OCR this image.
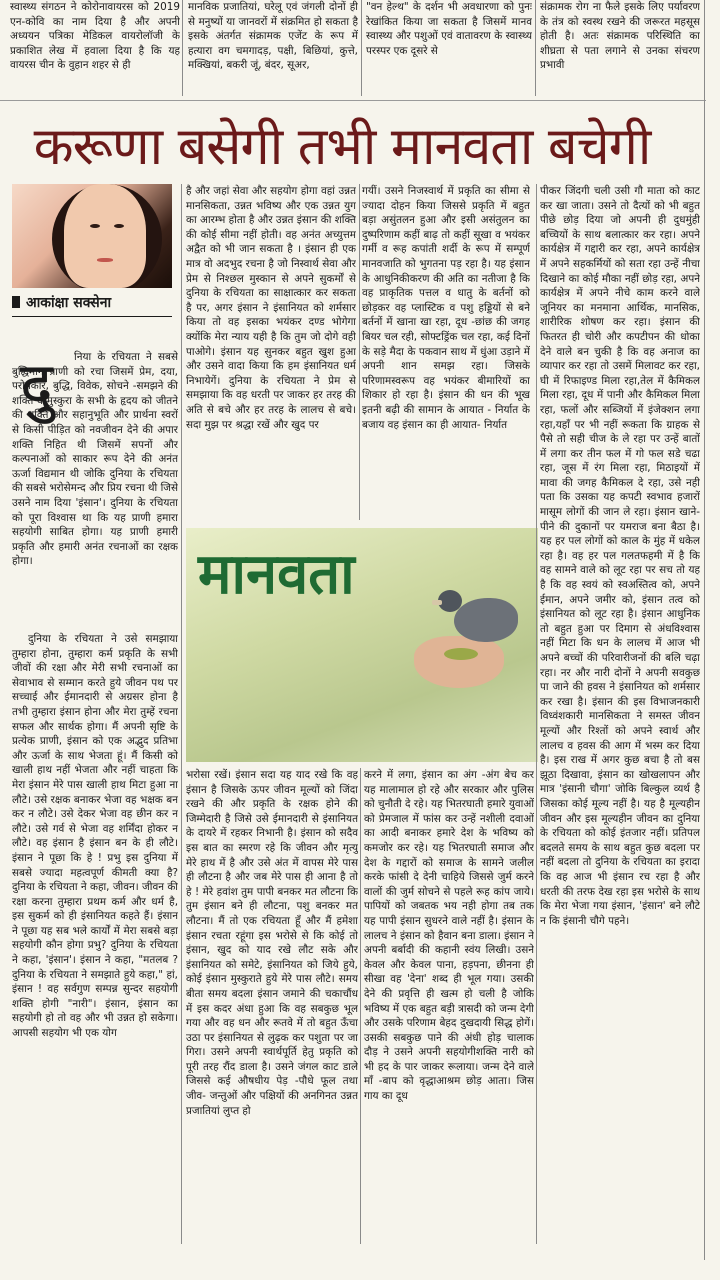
स्वास्थ्य संगठन ने कोरोनावायरस को 2019 एन-कोवि का नाम दिया है और अपनी अध्ययन पत्रिका मेडिकल वायरोलॉजी के प्रकाशित लेख में हवाला दिया है कि यह वायरस चीन के वुहान शहर से ही
मानविक प्रजातियां, घरेलू एवं जंगली दोनों ही से मनुष्यों या जानवरों में संक्रमित हो सकता है इसके अंतर्गत संक्रामक एजेंट के रूप में हत्यारा वग चमगादड़, पक्षी, बिछियां, कुत्ते, मक्खियां, बकरी जूं, बंदर, सूअर,
"वन हेल्थ" के दर्शन भी अवधारणा को पुनः रेखांकित किया जा सकता है जिसमें मानव स्वास्थ्य और पशुओं एवं वातावरण के स्वास्थ्य परस्पर एक दूसरे से
संक्रामक रोग ना फैले इसके लिए पर्यावरण के तंत्र को स्वस्थ रखने की जरूरत महसूस होती है। अतः संक्रामक परिस्थिति का शीघ्रता से पता लगाने से उनका संचरण प्रभावी
करूणा बसेगी तभी मानवता बचेगी
आकांक्षा सक्सेना
दु	निया के रचियता ने सबसे बुद्धिमान प्राणी को रचा जिसमें प्रेम, दया, परोपकार, बुद्धि, विवेक, सोचने -समझने की शक्ति व मुस्कुरा के सभी के हृदय को जीतने की शक्ति और सहानुभूति और प्रार्थना स्वरों से किसी पीड़ित को नवजीवन देने की अपार शक्ति निहित थी जिसमें सपनों और कल्पनाओं को साकार रूप देने की अनंत ऊर्जा विद्यमान थी जोकि दुनिया के रचियता की सबसे भरोसेमन्द और प्रिय रचना थी जिसे उसने नाम दिया 'इंसान'। दुनिया के रचियता को पूरा विश्वास था कि यह प्राणी हमारा सहयोगी साबित होगा। यह प्राणी हमारी प्रकृति और हमारी अनंत रचनाओं का रक्षक होगा।
दुनिया के रचियता ने उसे समझाया तुम्हारा होना, तुम्हारा कर्म प्रकृति के सभी जीवों की रक्षा और मेरी सभी रचनाओं का सेवाभाव से सम्मान करते हुये जीवन पथ पर सच्चाई और ईमानदारी से अग्रसर होना है तभी तुम्हारा इंसान होना और मेरा तुम्हें रचना सफल और सार्थक होगा। मैं अपनी सृष्टि के प्रत्येक प्राणी, इंसान को एक अद्भुद प्रतिभा और ऊर्जा के साथ भेजता हूं। मैं किसी को खाली हाथ नहीं भेजता और नहीं चाहता कि मेरा इंसान मेरे पास खाली हाथ मिटा हुआ ना लौटे। उसे रक्षक बनाकर भेजा वह भक्षक बन कर न लौटे। उसे देकर भेजा वह छीन कर न लौटे। उसे गर्व से भेजा वह शर्मिंदा होकर न लौटे। वह इंसान है इंसान बन के ही लौटे। इंसान ने पूछा कि हे ! प्रभु इस दुनिया में सबसे ज्यादा महत्वपूर्ण कीमती क्या है? दुनिया के रचियता ने कहा, जीवन। जीवन की रक्षा करना तुम्हारा प्रथम कर्म और धर्म है, इस सुकर्म को ही इंसानियत कहते हैं। इंसान ने पूछा यह सब भले कार्यों में मेरा सबसे बड़ा सहयोगी कौन होगा प्रभु? दुनिया के रचियता ने कहा, 'इंसान'। इंसान ने कहा, "मतलब ? दुनिया के रचियता ने समझाते हुये कहा," हां, इंसान ! वह सर्वगुण सम्पन्न सुन्दर सहयोगी शक्ति होगी "नारी"। इंसान, इंसान का सहयोगी हो तो वह और भी उन्नत हो सकेगा। आपसी सहयोग भी एक योग
है और जहां सेवा और सहयोग होगा वहां उन्नत मानसिकता, उन्नत भविष्य और एक उन्नत युग का आरम्भ होता है और उन्नत इंसान की शक्ति की कोई सीमा नहीं होती। वह अनंत अच्युत्तम अद्वैत को भी जान सकता है । इंसान ही एक मात्र वो अदभुद रचना है जो निस्वार्थ सेवा और प्रेम से निश्छल मुस्कान से अपने सुकर्मों से दुनिया के रचियता का साक्षात्कार कर सकता है पर, अगर इंसान ने इंसानियत को शर्मसार किया तो वह इसका भयंकर दण्ड भोगेगा क्योंकि मेरा न्याय यही है कि तुम जो दोगे वही पाओगे। इंसान यह सुनकर बहुत खुश हुआ और उसने वादा किया कि हम इंसानियत धर्म निभायेगें। दुनिया के रचियता ने प्रेम से समझाया कि वह धरती पर जाकर हर तरह की अति से बचे और हर तरह के लालच से बचे। सदा मुझ पर श्रद्धा रखें और खुद पर
गयीं। उसने निजस्वार्थ में प्रकृति का सीमा से ज्यादा दोहन किया जिससे प्रकृति में बहुत बड़ा असुंतलन हुआ और इसी असंतुलन का दुष्परिणाम कहीं बाढ़ तो कहीं सूखा व भयंकर गर्मी व रूह कपांती शर्दी के रूप में सम्पूर्ण मानवजाति को भुगतना पड़ रहा है। यह इंसान के आधुनिकीकरण की अति का नतीजा है कि वह प्राकृतिक पत्तल व धातु के बर्तनों को छोड़कर वह प्लास्टिक व पशु हड्डियों से बने बर्तनों में खाना खा रहा, दूध -छांछ की जगह बियर चल रही, सोफ्टड्रिंक चल रहा, कई दिनों के सड़े मैदा के पकवान साथ में धुंआ उड़ाने में अपनी शान समझ रहा। जिसके परिणामस्वरूप वह भयंकर बीमारियों का शिकार हो रहा है। इंसान की धन की भूख इतनी बढ़ी की सामान के आयात - निर्यात के बजाय वह इंसान का ही आयात- निर्यात
मानवता
भरोसा रखें। इंसान सदा यह याद रखे कि वह इंसान है जिसके ऊपर जीवन मूल्यों को जिंदा रखने की और प्रकृति के रक्षक होने की जिम्मेदारी है जिसे उसे ईमानदारी से इंसानियत के दायरे में रहकर निभानी है। इंसान को सदैव इस बात का स्मरण रहे कि जीवन और मृत्यु मेरे हाथ में है और उसे अंत में वापस मेरे पास ही लौटना है और जब मेरे पास ही आना है तो हे ! मेरे हवांश तुम पापी बनकर मत लौटना कि तुम इंसान बने ही लौटना, पशु बनकर मत लौटना। मैं तो एक रचियता हूँ और मैं हमेशा इंसान रचता रहूंगा इस भरोसे से कि कोई तो इंसान, खुद को याद रखे लौट सके और इंसानियत को समेटे, इंसानियत को जिये हुये, कोई इंसान मुस्कुराते हुये मेरे पास लौटे। समय बीता समय बदला इंसान जमाने की चकाचौंध में इस कदर अंधा हुआ कि वह सबकुछ भूल गया और वह धन और रूतवे में तो बहुत ऊँचा उठा पर इंसानियत से लुढ़क कर पशुता पर जा गिरा। उसने अपनी स्वार्थपूर्ति हेतु प्रकृति को पूरी तरह रौंद डाला है। उसने जंगल काट डाले जिससे कई औषधीय पेड़ -पौधे फूल तथा जीव- जन्तुओं और पक्षियों की अनगिनत उन्नत प्रजातियां लुप्त हो
करने में लगा, इंसान का अंग -अंग बेच कर यह मालामाल हो रहे और सरकार और पुलिस को चुनौती दे रहे। यह भितरघाती हमारे युवाओं को प्रेमजाल में फांस कर उन्हें नशीली दवाओं का आदी बनाकर हमारे देश के भविष्य को कमजोर कर रहे। यह भितरघाती समाज और देश के गद्दारों को समाज के सामने जलील करके फांसी दे देनी चाहिये जिससे जुर्म करने वालों की जुर्म सोचने से पहले रूह कांप जाये। पापियों को जबतक भय नही होगा तब तक यह पापी इंसान सुधरने वाले नहीं है। इंसान के लालच ने इंसान को हैवान बना डाला। इंसान ने अपनी बर्बादी की कहानी स्वंय लिखी। उसने केवल और केवल पाना, हड़पना, छीनना ही सीखा वह 'देना' शब्द ही भूल गया। उसकी देने की प्रवृत्ति ही खत्म हो चली है जोकि भविष्य में एक बहुत बड़ी त्रासदी को जन्म देगी और उसके परिणाम बेहद दुखदायी सिद्ध होगें। उसकी सबकुछ पाने की अंधी होड़ चालाक दौड़ ने उसने अपनी सहयोगीशक्ति नारी को भी हद के पार जाकर रूलाया। जन्म देने वाले माँ -बाप को वृद्धाआश्रम छोड़ आता। जिस गाय का दूध
पीकर जिंदगी चली उसी गौ माता को काट कर खा जाता। उसने तो दैत्यों को भी बहुत पीछे छोड़ दिया जो अपनी ही दुधमुंही बच्चियों के साथ बलात्कार कर रहा। अपने कार्यक्षेत्र में गद्दारी कर रहा, अपने कार्यक्षेत्र में अपने सहकर्मियों को सता रहा उन्हें नीचा दिखाने का कोई मौका नहीं छोड़ रहा, अपने कार्यक्षेत्र में अपने नीचे काम करने वाले जूनियर का मनमाना आर्थिक, मानसिक, शारीरिक शोषण कर रहा। इंसान की फितरत ही चोरी और कपटीपन की धोका देने वाले बन चुकी है कि वह अनाज का व्यापार कर रहा तो उसमें मिलावट कर रहा, घी में रिफाइण्ड मिला रहा,तेल में कैमिकल मिला रहा, दूध में पानी और कैमिकल मिला रहा, फलों और सब्जियों में इंजेक्शन लगा रहा,यहाँ पर भी नहीं रूकता कि ग्राहक से पैसे तो सही चीज के ले रहा पर उन्हें बातों में लगा कर तीन फल में गो फल सडे चढा रहा, जूस में रंग मिला रहा, मिठाइयों में मावा की जगह कैमिकल दे रहा, उसे नही पता कि उसका यह कपटी स्वभाव हजारों मासूम लोगों की जान ले रहा। इंसान खाने-पीने की दुकानों पर यमराज बना बैठा है। यह हर पल लोगों को काल के मुंह में धकेल रहा है। वह हर पल गलतफहमी में है कि वह सामने वाले को लूट रहा पर सच तो यह है कि वह स्वयं को स्वअस्तित्व को, अपने ईमान, अपने जमीर को, इंसान तत्व को इंसानियत को लूट रहा है। इंसान आधुनिक तो बहुत हुआ पर दिमाग से अंधविश्वास नहीं मिटा कि धन के लालच में आज भी अपने बच्चों की परिवारीजनों की बलि चढ़ा रहा। नर और नारी दोनों ने अपनी सवकुछ पा जाने की हवस ने इंसानियत को शर्मसार कर रखा है। इंसान की इस विभाजनकारी विध्वंशकारी मानसिकता ने समस्त जीवन मूल्यों और रिश्तों को अपने स्वार्थ और लालच व हवस की आग में भस्म कर दिया है। इस राख में अगर कुछ बचा है तो बस झूठा दिखावा, इंसान का खोखलापन और मात्र 'इंसानी चौगा' जोकि बिल्कुल व्यर्थ है जिसका कोई मूल्य नहीं है। यह है मूल्यहीन जीवन और इस मूल्यहीन जीवन का दुनिया के रचियता को कोई इंतजार नहीं। प्रतिपल बदलते समय के साथ बहुत कुछ बदला पर नहीं बदला तो दुनिया के रचियता का इरादा कि वह आज भी इंसान रच रहा है और धरती की तरफ देख रहा इस भरोसे के साथ कि मेरा भेजा गया इंसान, 'इंसान' बने लौटे न कि इंसानी चौगे पहने।
